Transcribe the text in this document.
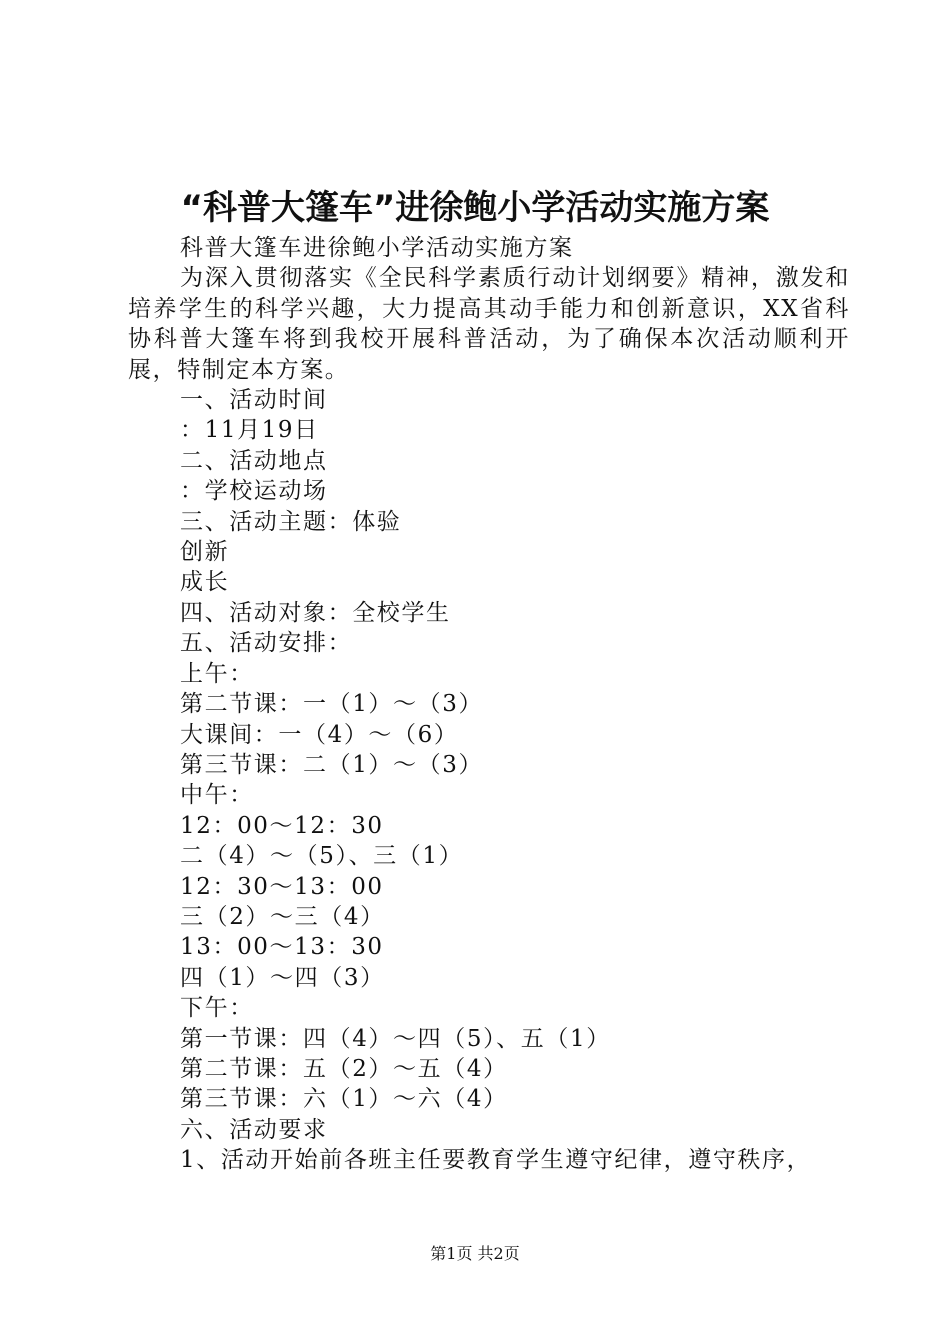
“科普大篷车”进徐鲍小学活动实施方案

科普大篷车进徐鲍小学活动实施方案

为深入贯彻落实《全民科学素质行动计划纲要》精神，激发和培养学生的科学兴趣，大力提高其动手能力和创新意识，XX省科协科普大篷车将到我校开展科普活动，为了确保本次活动顺利开展，特制定本方案。

一、活动时间

：11月19日

二、活动地点

：学校运动场

三、活动主题：体验

创新

成长

四、活动对象：全校学生

五、活动安排：

上午：

第二节课：一（1）～（3）

大课间：一（4）～（6）

第三节课：二（1）～（3）

中午：

12：00～12：30

二（4）～（5）、三（1）

12：30～13：00

三（2）～三（4）

13：00～13：30

四（1）～四（3）

下午：

第一节课：四（4）～四（5）、五（1）

第二节课：五（2）～五（4）

第三节课：六（1）～六（4）

六、活动要求

1、活动开始前各班主任要教育学生遵守纪律，遵守秩序，

第1页 共2页
